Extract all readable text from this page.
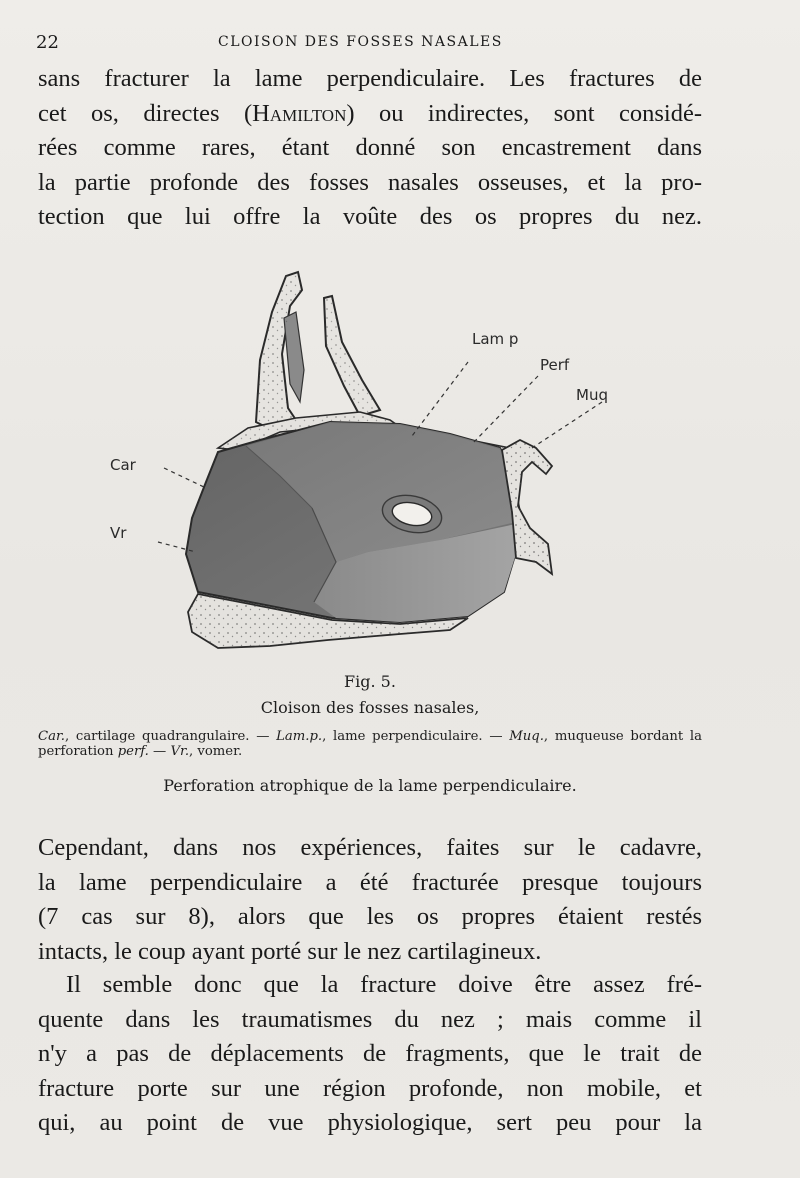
22	CLOISON DES FOSSES NASALES
sans fracturer la lame perpendiculaire. Les fractures de
cet os, directes (Hamilton) ou indirectes, sont considé-
rées comme rares, étant donné son encastrement dans
la partie profonde des fosses nasales osseuses, et la pro-
tection que lui offre la voûte des os propres du nez.
Lam p
Perf
Muq
Car
Vr
Fig. 5.
Cloison des fosses nasales,
Car., cartilage quadrangulaire. — Lam.p., lame perpendiculaire. — Muq., muqueuse bordant la perforation perf. — Vr., vomer.
Perforation atrophique de la lame perpendiculaire.
Cependant, dans nos expériences, faites sur le cadavre,
la lame perpendiculaire a été fracturée presque toujours
(7 cas sur 8), alors que les os propres étaient restés
intacts, le coup ayant porté sur le nez cartilagineux.
Il semble donc que la fracture doive être assez fré-
quente dans les traumatismes du nez ; mais comme il
n'y a pas de déplacements de fragments, que le trait de
fracture porte sur une région profonde, non mobile, et
qui, au point de vue physiologique, sert peu pour la
